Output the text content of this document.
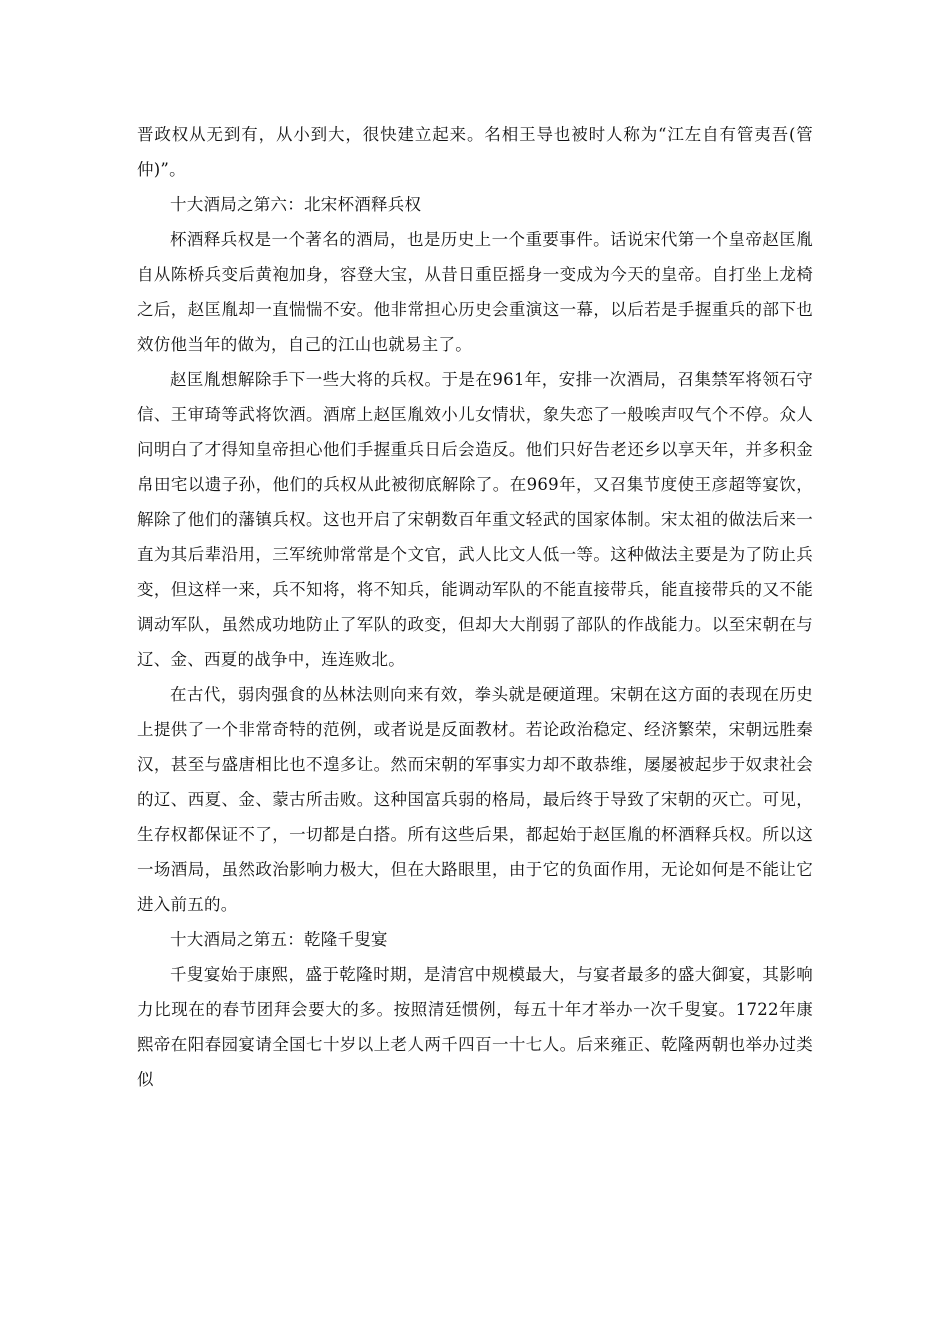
晋政权从无到有，从小到大，很快建立起来。名相王导也被时人称为“江左自有管夷吾(管仲)”。

十大酒局之第六：北宋杯酒释兵权

杯酒释兵权是一个著名的酒局，也是历史上一个重要事件。话说宋代第一个皇帝赵匡胤自从陈桥兵变后黄袍加身，容登大宝，从昔日重臣摇身一变成为今天的皇帝。自打坐上龙椅之后，赵匡胤却一直惴惴不安。他非常担心历史会重演这一幕，以后若是手握重兵的部下也效仿他当年的做为，自己的江山也就易主了。

赵匡胤想解除手下一些大将的兵权。于是在961年，安排一次酒局，召集禁军将领石守信、王审琦等武将饮酒。酒席上赵匡胤效小儿女情状，象失恋了一般唉声叹气个不停。众人问明白了才得知皇帝担心他们手握重兵日后会造反。他们只好告老还乡以享天年，并多积金帛田宅以遗子孙，他们的兵权从此被彻底解除了。在969年，又召集节度使王彦超等宴饮，解除了他们的藩镇兵权。这也开启了宋朝数百年重文轻武的国家体制。宋太祖的做法后来一直为其后辈沿用，三军统帅常常是个文官，武人比文人低一等。这种做法主要是为了防止兵变，但这样一来，兵不知将，将不知兵，能调动军队的不能直接带兵，能直接带兵的又不能调动军队，虽然成功地防止了军队的政变，但却大大削弱了部队的作战能力。以至宋朝在与辽、金、西夏的战争中，连连败北。

在古代，弱肉强食的丛林法则向来有效，拳头就是硬道理。宋朝在这方面的表现在历史上提供了一个非常奇特的范例，或者说是反面教材。若论政治稳定、经济繁荣，宋朝远胜秦汉，甚至与盛唐相比也不遑多让。然而宋朝的军事实力却不敢恭维，屡屡被起步于奴隶社会的辽、西夏、金、蒙古所击败。这种国富兵弱的格局，最后终于导致了宋朝的灭亡。可见，生存权都保证不了，一切都是白搭。所有这些后果，都起始于赵匡胤的杯酒释兵权。所以这一场酒局，虽然政治影响力极大，但在大路眼里，由于它的负面作用，无论如何是不能让它进入前五的。

十大酒局之第五：乾隆千叟宴

千叟宴始于康熙，盛于乾隆时期，是清宫中规模最大，与宴者最多的盛大御宴，其影响力比现在的春节团拜会要大的多。按照清廷惯例，每五十年才举办一次千叟宴。1722年康熙帝在阳春园宴请全国七十岁以上老人两千四百一十七人。后来雍正、乾隆两朝也举办过类似
